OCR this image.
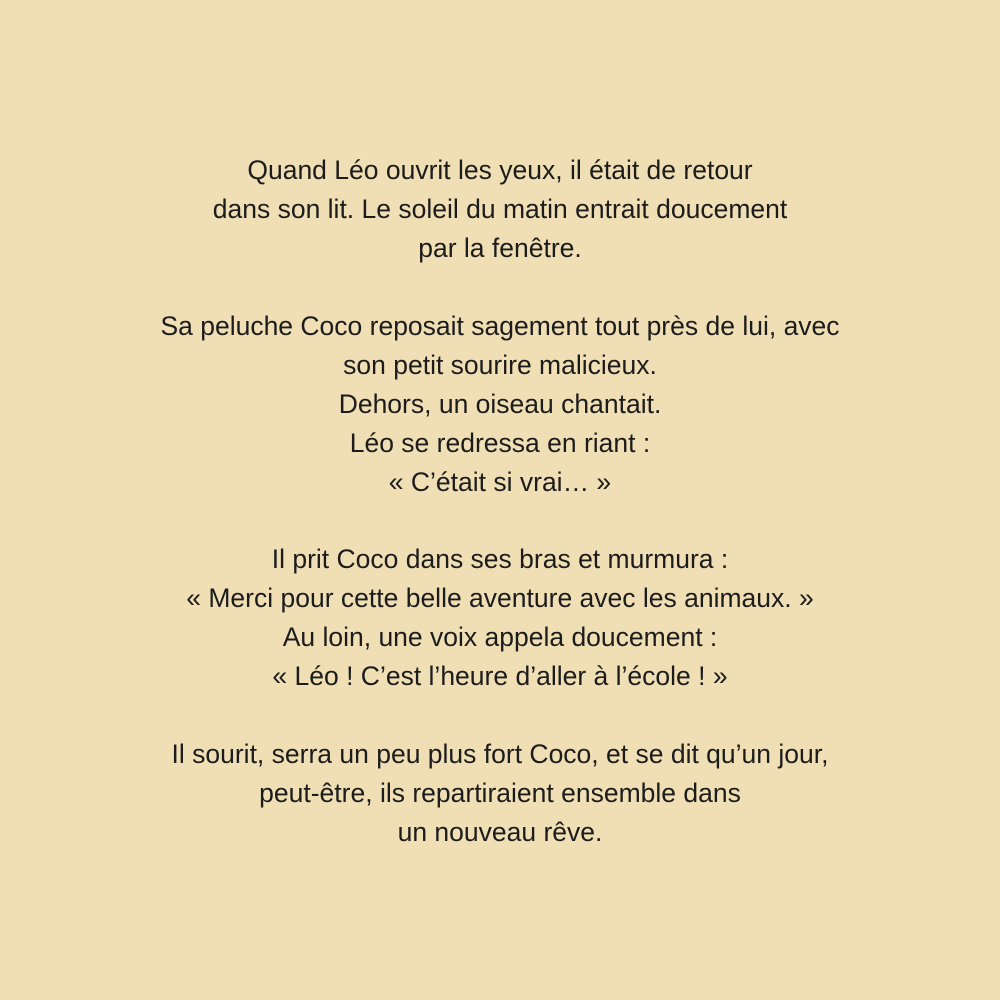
Quand Léo ouvrit les yeux, il était de retour
dans son lit. Le soleil du matin entrait doucement
par la fenêtre.
Sa peluche Coco reposait sagement tout près de lui, avec
son petit sourire malicieux.
Dehors, un oiseau chantait.
Léo se redressa en riant :
« C’était si vrai… »
Il prit Coco dans ses bras et murmura :
« Merci pour cette belle aventure avec les animaux. »
Au loin, une voix appela doucement :
« Léo ! C’est l’heure d’aller à l’école ! »
Il sourit, serra un peu plus fort Coco, et se dit qu’un jour,
peut-être, ils repartiraient ensemble dans
un nouveau rêve.
